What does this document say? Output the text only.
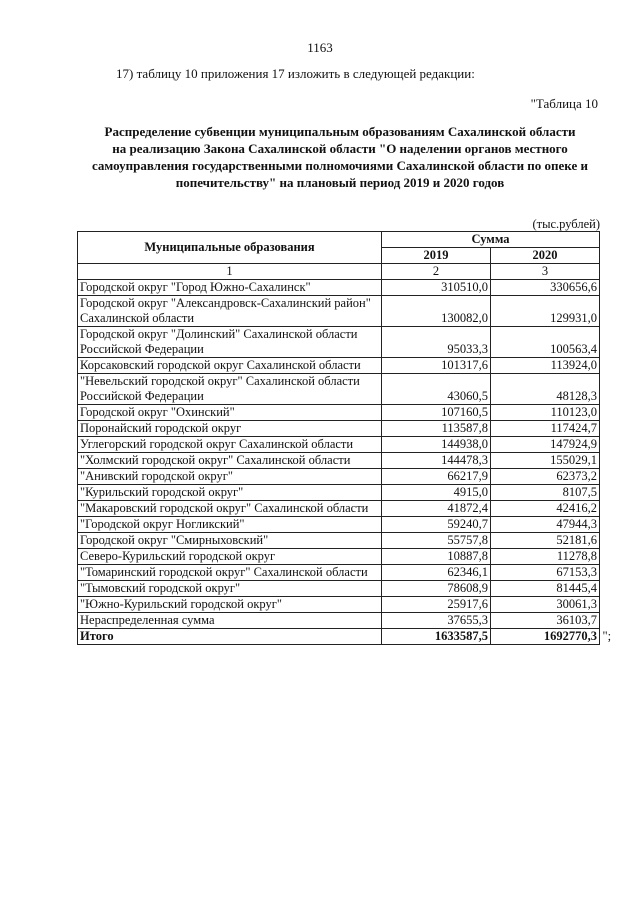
1163
17) таблицу 10 приложения 17 изложить в следующей редакции:
"Таблица 10
Распределение субвенции муниципальным образованиям Сахалинской области
на реализацию Закона Сахалинской области "О наделении органов местного
самоуправления государственными полномочиями Сахалинской области по опеке и
попечительству" на плановый период 2019 и 2020 годов
(тыс.рублей)
Муниципальные образования	Сумма	
	2019	2020
1	2	3
Городской округ "Город Южно-Сахалинск"	310510,0	330656,6
Городской округ "Александровск-Сахалинский район" Сахалинской области	130082,0	129931,0
Городской округ "Долинский" Сахалинской области Российской Федерации	95033,3	100563,4
Корсаковский городской округ Сахалинской области	101317,6	113924,0
"Невельский городской округ" Сахалинской области Российской Федерации	43060,5	48128,3
Городской округ "Охинский"	107160,5	110123,0
Поронайский городской округ	113587,8	117424,7
Углегорский городской округ Сахалинской области	144938,0	147924,9
"Холмский городской округ" Сахалинской области	144478,3	155029,1
"Анивский городской округ"	66217,9	62373,2
"Курильский городской округ"	4915,0	8107,5
"Макаровский городской округ" Сахалинской области	41872,4	42416,2
"Городской округ Ногликский"	59240,7	47944,3
Городской округ "Смирныховский"	55757,8	52181,6
Северо-Курильский городской округ	10887,8	11278,8
"Томаринский городской округ" Сахалинской области	62346,1	67153,3
"Тымовский городской округ"	78608,9	81445,4
"Южно-Курильский городской округ"	25917,6	30061,3
Нераспределенная сумма	37655,3	36103,7
Итого	1633587,5	1692770,3 ";
